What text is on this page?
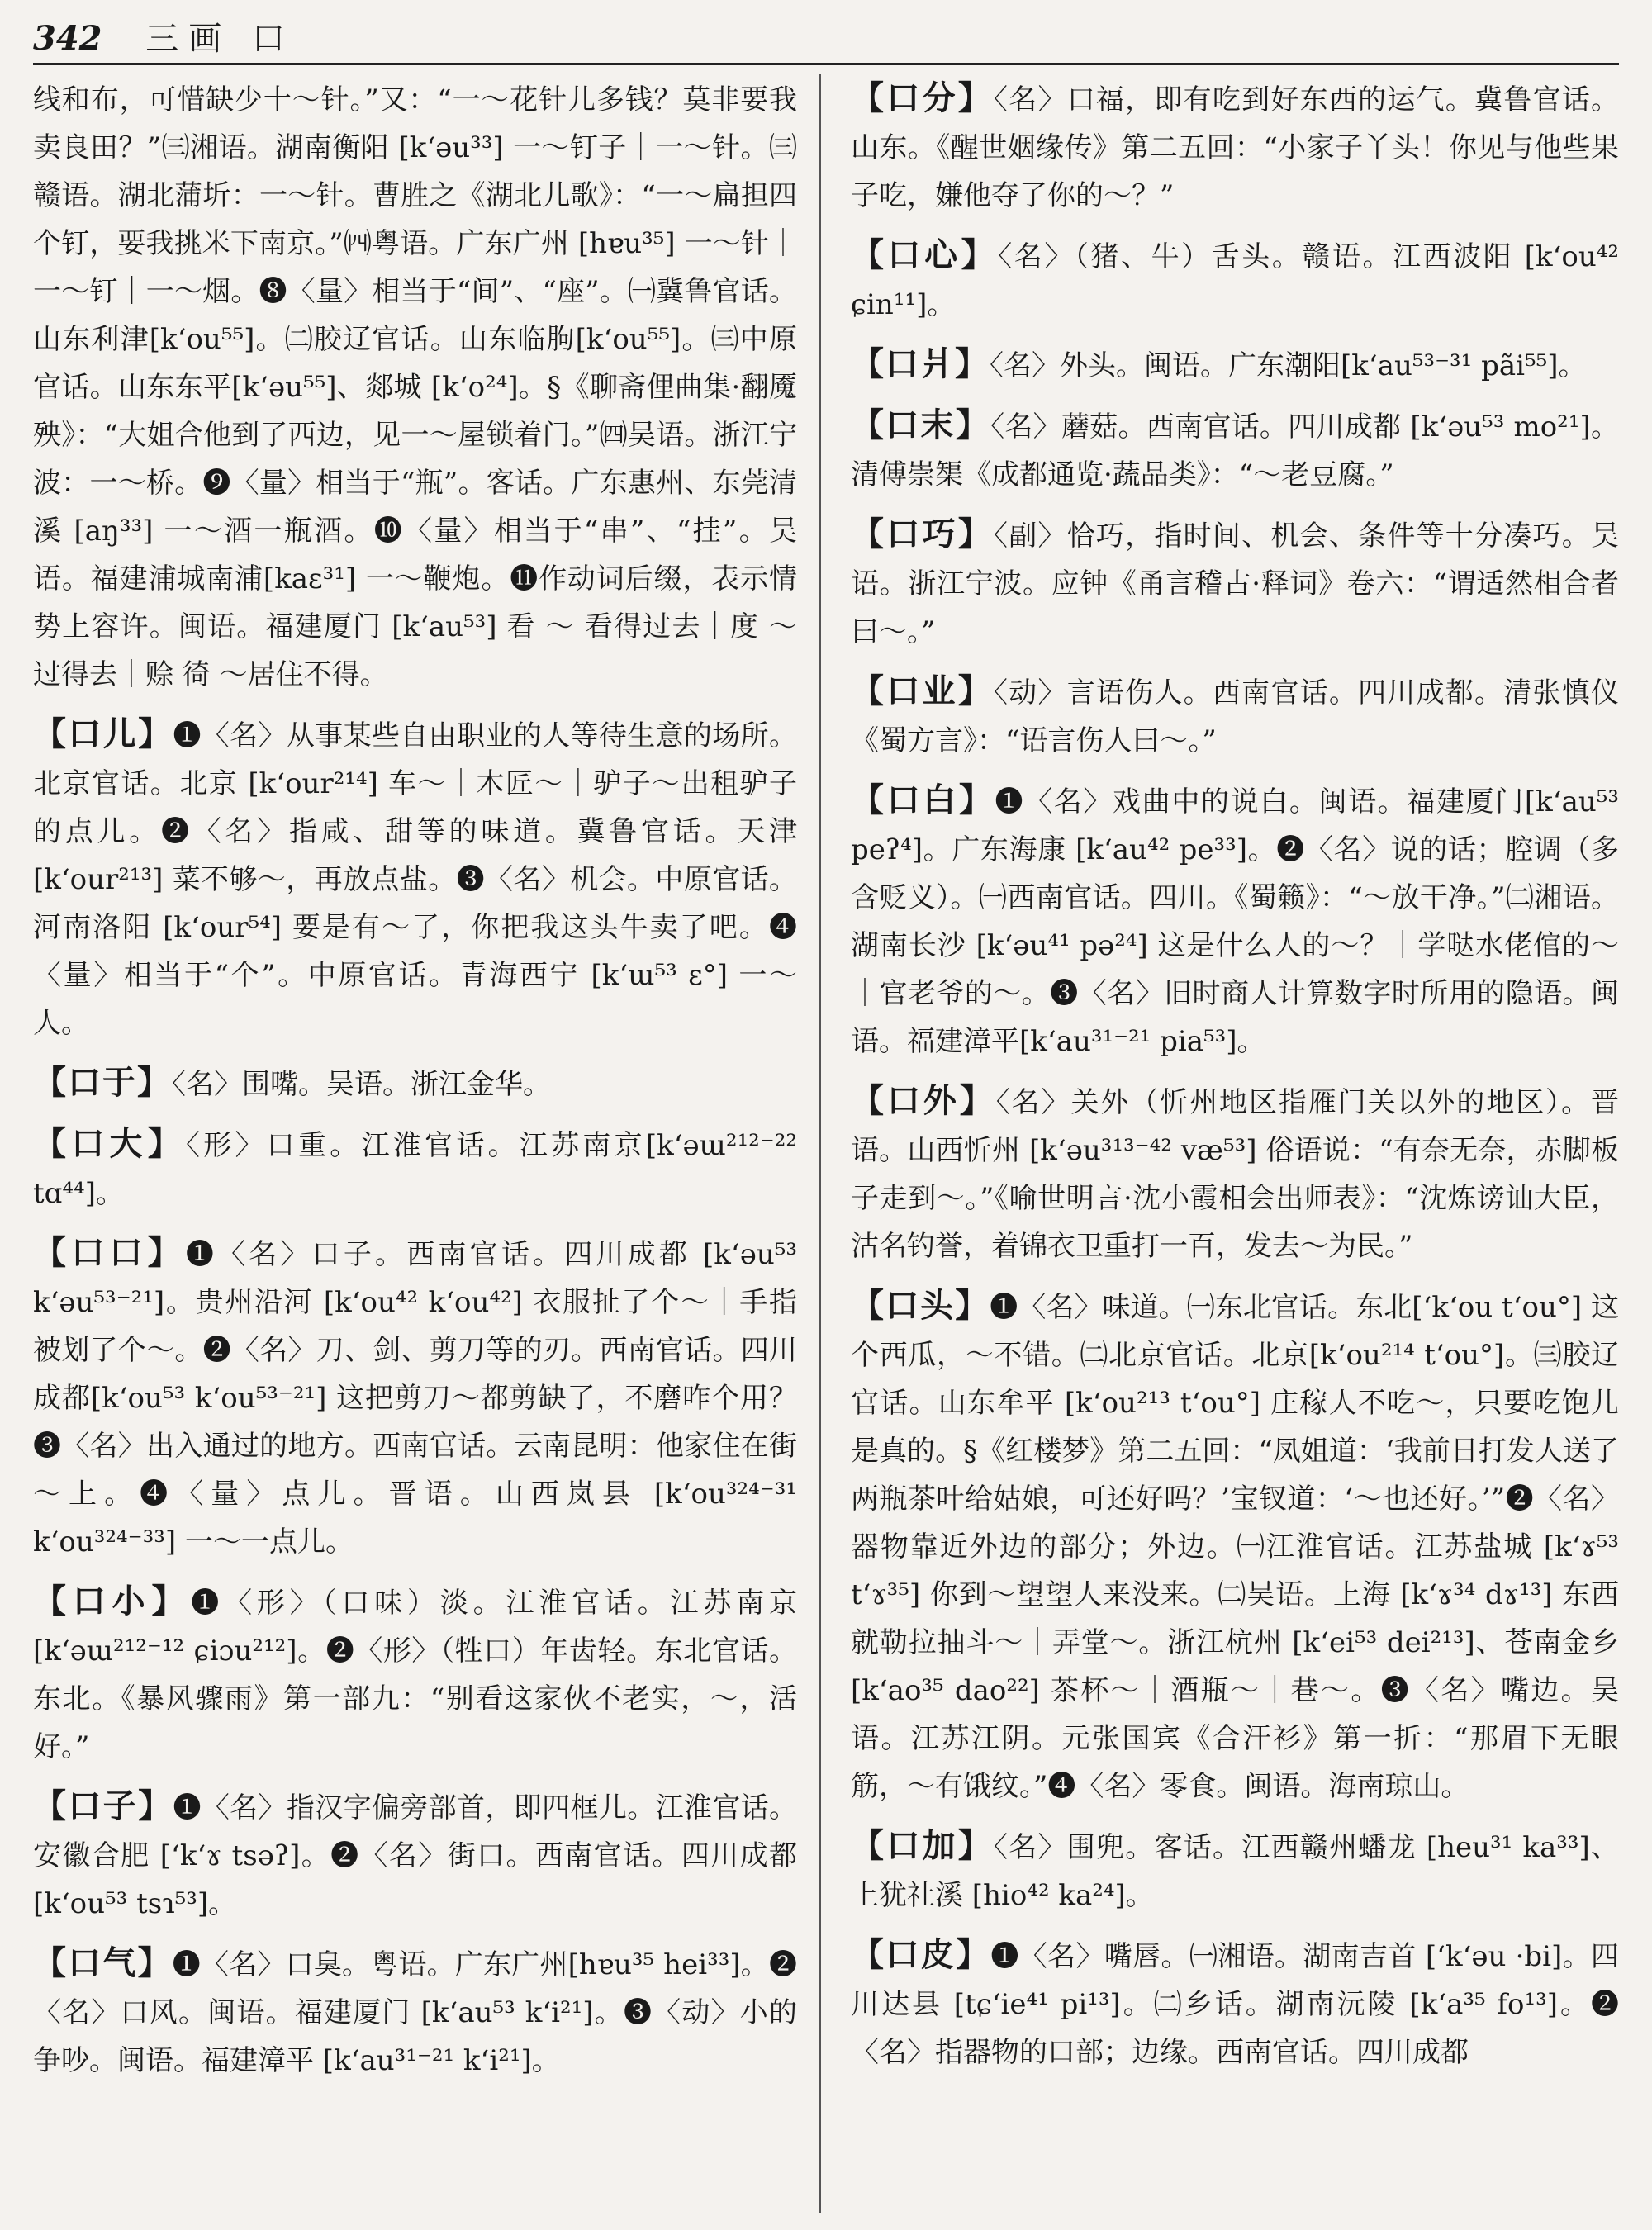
342 三画 口

线和布，可惜缺少十～针。”又：“一～花针儿多钱？莫非要我卖良田？”㈢湘语。湖南衡阳 [kʻəu³³] 一～钉子｜一～针。㈢赣语。湖北蒲圻：一～针。曹胜之《湖北儿歌》：“一～扁担四个钉，要我挑米下南京。”㈣粤语。广东广州 [hɐu³⁵] 一～针｜一～钉｜一～烟。❽〈量〉相当于“间”、“座”。㈠冀鲁官话。山东利津[kʻou⁵⁵]。㈡胶辽官话。山东临朐[kʻou⁵⁵]。㈢中原官话。山东东平[kʻəu⁵⁵]、郯城 [kʻo²⁴]。§《聊斋俚曲集·翻魇殃》：“大姐合他到了西边，见一～屋锁着门。”㈣吴语。浙江宁波：一～桥。❾〈量〉相当于“瓶”。客话。广东惠州、东莞清溪 [aŋ³³] 一～酒一瓶酒。❿〈量〉相当于“串”、“挂”。吴语。福建浦城南浦[kaɛ³¹] 一～鞭炮。⓫作动词后缀，表示情势上容许。闽语。福建厦门 [kʻau⁵³] 看 ～ 看得过去｜度 ～过得去｜赊 徛 ～居住不得。

【口儿】❶〈名〉从事某些自由职业的人等待生意的场所。北京官话。北京 [kʻour²¹⁴] 车～｜木匠～｜驴子～出租驴子的点儿。❷〈名〉指咸、甜等的味道。冀鲁官话。天津 [kʻour²¹³] 菜不够～，再放点盐。❸〈名〉机会。中原官话。河南洛阳 [kʻour⁵⁴] 要是有～了，你把我这头牛卖了吧。❹〈量〉相当于“个”。中原官话。青海西宁 [kʻɯ⁵³ ɛ°] 一～人。

【口于】〈名〉围嘴。吴语。浙江金华。

【口大】〈形〉口重。江淮官话。江苏南京[kʻəɯ²¹²⁻²² tɑ⁴⁴]。

【口口】❶〈名〉口子。西南官话。四川成都 [kʻəu⁵³ kʻəu⁵³⁻²¹]。贵州沿河 [kʻou⁴² kʻou⁴²] 衣服扯了个～｜手指被划了个～。❷〈名〉刀、剑、剪刀等的刃。西南官话。四川成都[kʻou⁵³ kʻou⁵³⁻²¹] 这把剪刀～都剪缺了，不磨咋个用？❸〈名〉出入通过的地方。西南官话。云南昆明：他家住在街～上。❹〈量〉点儿。晋语。山西岚县 [kʻou³²⁴⁻³¹ kʻou³²⁴⁻³³] 一～一点儿。

【口小】❶〈形〉（口味）淡。江淮官话。江苏南京 [kʻəɯ²¹²⁻¹² ɕiɔu²¹²]。❷〈形〉（牲口）年齿轻。东北官话。东北。《暴风骤雨》第一部九：“别看这家伙不老实，～，活好。”

【口子】❶〈名〉指汉字偏旁部首，即四框儿。江淮官话。安徽合肥 [ʻkʻɤ tsəʔ]。❷〈名〉街口。西南官话。四川成都[kʻou⁵³ tsɿ⁵³]。

【口气】❶〈名〉口臭。粤语。广东广州[hɐu³⁵ hei³³]。❷〈名〉口风。闽语。福建厦门 [kʻau⁵³ kʻi²¹]。❸〈动〉小的争吵。闽语。福建漳平 [kʻau³¹⁻²¹ kʻi²¹]。

【口分】〈名〉口福，即有吃到好东西的运气。冀鲁官话。山东。《醒世姻缘传》第二五回：“小家子丫头！你见与他些果子吃，嫌他夺了你的～？”

【口心】〈名〉（猪、牛）舌头。赣语。江西波阳 [kʻou⁴² ɕin¹¹]。

【口爿】〈名〉外头。闽语。广东潮阳[kʻau⁵³⁻³¹ pãi⁵⁵]。

【口末】〈名〉蘑菇。西南官话。四川成都 [kʻəu⁵³ mo²¹]。清傅崇榘《成都通览·蔬品类》：“～老豆腐。”

【口巧】〈副〉恰巧，指时间、机会、条件等十分凑巧。吴语。浙江宁波。应钟《甬言稽古·释词》卷六：“谓适然相合者曰～。”

【口业】〈动〉言语伤人。西南官话。四川成都。清张慎仪《蜀方言》：“语言伤人曰～。”

【口白】❶〈名〉戏曲中的说白。闽语。福建厦门[kʻau⁵³ peʔ⁴]。广东海康 [kʻau⁴² pe³³]。❷〈名〉说的话；腔调（多含贬义）。㈠西南官话。四川。《蜀籁》：“～放干净。”㈡湘语。湖南长沙 [kʻəu⁴¹ pə²⁴] 这是什么人的～？｜学哒水佬倌的～｜官老爷的～。❸〈名〉旧时商人计算数字时所用的隐语。闽语。福建漳平[kʻau³¹⁻²¹ pia⁵³]。

【口外】〈名〉关外（忻州地区指雁门关以外的地区）。晋语。山西忻州 [kʻəu³¹³⁻⁴² væ⁵³] 俗语说：“有奈无奈，赤脚板子走到～。”《喻世明言·沈小霞相会出师表》：“沈炼谤讪大臣，沽名钓誉，着锦衣卫重打一百，发去～为民。”

【口头】❶〈名〉味道。㈠东北官话。东北[ʻkʻou tʻou°] 这个西瓜，～不错。㈡北京官话。北京[kʻou²¹⁴ tʻou°]。㈢胶辽官话。山东牟平 [kʻou²¹³ tʻou°] 庄稼人不吃～，只要吃饱儿是真的。§《红楼梦》第二五回：“凤姐道：‘我前日打发人送了两瓶茶叶给姑娘，可还好吗？’宝钗道：‘～也还好。’”❷〈名〉器物靠近外边的部分；外边。㈠江淮官话。江苏盐城 [kʻɤ⁵³ tʻɤ³⁵] 你到～望望人来没来。㈡吴语。上海 [kʻɤ³⁴ dɤ¹³] 东西就勒拉抽斗～｜弄堂～。浙江杭州 [kʻei⁵³ dei²¹³]、苍南金乡 [kʻao³⁵ dao²²] 茶杯～｜酒瓶～｜巷～。❸〈名〉嘴边。吴语。江苏江阴。元张国宾《合汗衫》第一折：“那眉下无眼筋，～有饿纹。”❹〈名〉零食。闽语。海南琼山。

【口加】〈名〉围兜。客话。江西赣州蟠龙 [heu³¹ ka³³]、上犹社溪 [hio⁴² ka²⁴]。

【口皮】❶〈名〉嘴唇。㈠湘语。湖南吉首 [ʻkʻəu ·bi]。四川达县 [tɕʻie⁴¹ pi¹³]。㈡乡话。湖南沅陵 [kʻa³⁵ fo¹³]。❷〈名〉指器物的口部；边缘。西南官话。四川成都
